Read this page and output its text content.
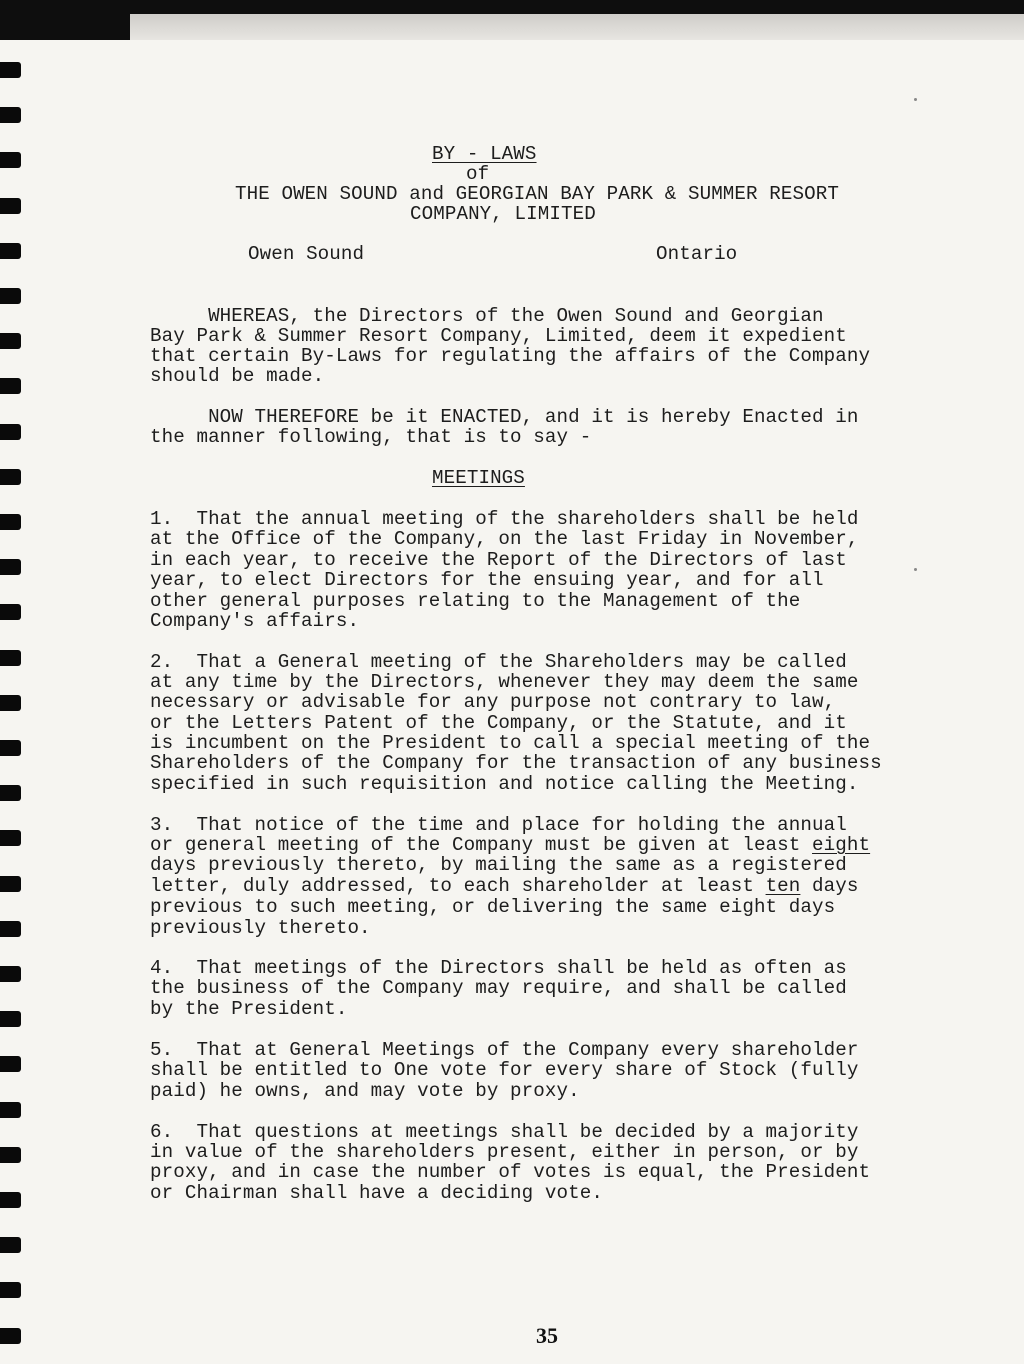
BY - LAWS
of
THE OWEN SOUND and GEORGIAN BAY PARK & SUMMER RESORT
COMPANY, LIMITED
Owen Sound	Ontario
WHEREAS, the Directors of the Owen Sound and Georgian
Bay Park & Summer Resort Company, Limited, deem it expedient
that certain By-Laws for regulating the affairs of the Company
should be made.
NOW THEREFORE be it ENACTED, and it is hereby Enacted in
the manner following, that is to say -
MEETINGS
1.  That the annual meeting of the shareholders shall be held
at the Office of the Company, on the last Friday in November,
in each year, to receive the Report of the Directors of last
year, to elect Directors for the ensuing year, and for all
other general purposes relating to the Management of the
Company's affairs.
2.  That a General meeting of the Shareholders may be called
at any time by the Directors, whenever they may deem the same
necessary or advisable for any purpose not contrary to law,
or the Letters Patent of the Company, or the Statute, and it
is incumbent on the President to call a special meeting of the
Shareholders of the Company for the transaction of any business
specified in such requisition and notice calling the Meeting.
3.  That notice of the time and place for holding the annual
or general meeting of the Company must be given at least eight
days previously thereto, by mailing the same as a registered
letter, duly addressed, to each shareholder at least ten days
previous to such meeting, or delivering the same eight days
previously thereto.
4.  That meetings of the Directors shall be held as often as
the business of the Company may require, and shall be called
by the President.
5.  That at General Meetings of the Company every shareholder
shall be entitled to One vote for every share of Stock (fully
paid) he owns, and may vote by proxy.
6.  That questions at meetings shall be decided by a majority
in value of the shareholders present, either in person, or by
proxy, and in case the number of votes is equal, the President
or Chairman shall have a deciding vote.
35
